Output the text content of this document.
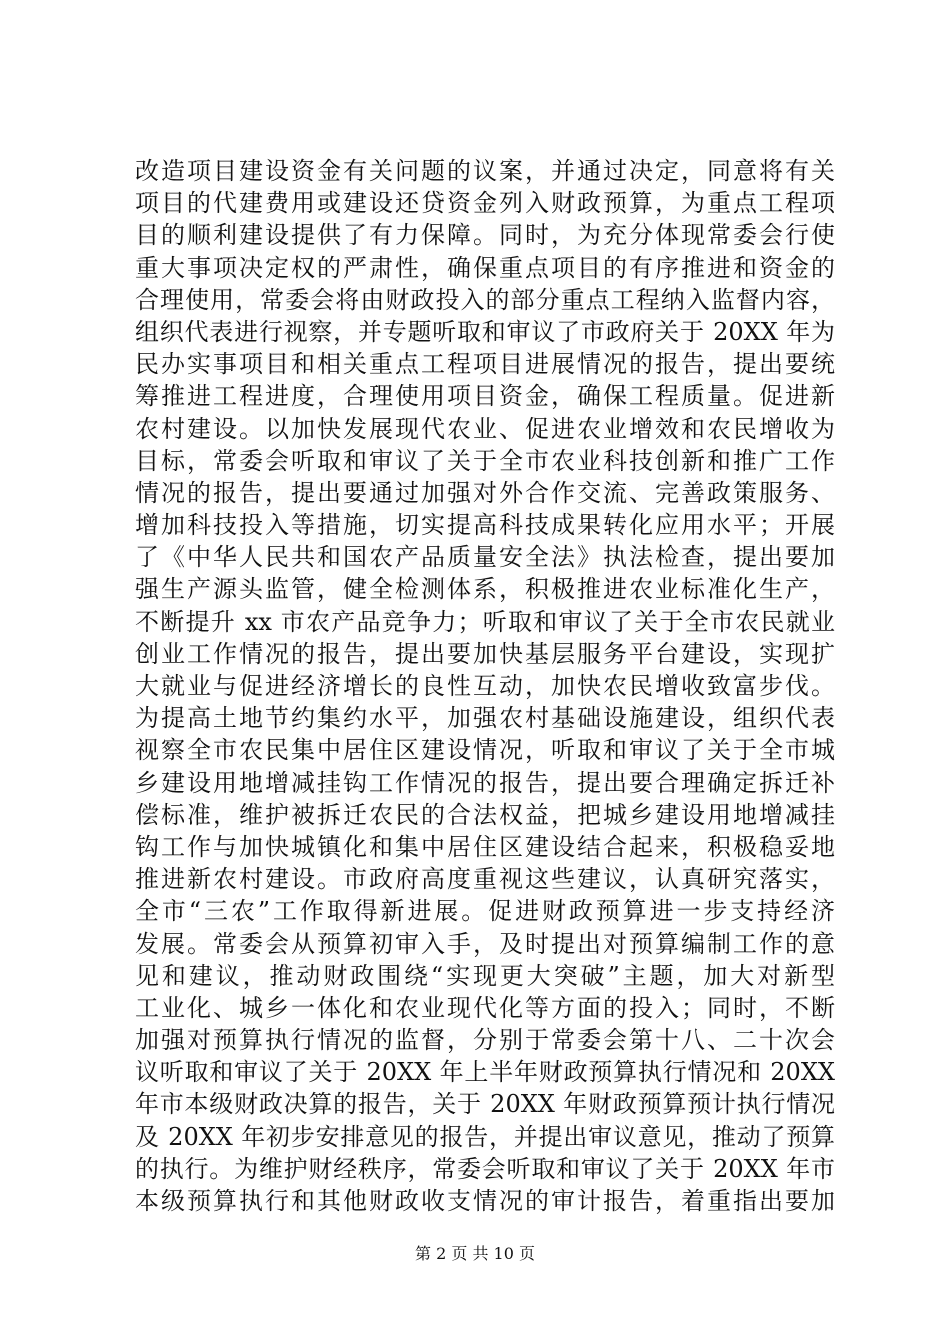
改造项目建设资金有关问题的议案，并通过决定，同意将有关
项目的代建费用或建设还贷资金列入财政预算，为重点工程项
目的顺利建设提供了有力保障。同时，为充分体现常委会行使
重大事项决定权的严肃性，确保重点项目的有序推进和资金的
合理使用，常委会将由财政投入的部分重点工程纳入监督内容，
组织代表进行视察，并专题听取和审议了市政府关于 20XX 年为
民办实事项目和相关重点工程项目进展情况的报告，提出要统
筹推进工程进度，合理使用项目资金，确保工程质量。促进新
农村建设。以加快发展现代农业、促进农业增效和农民增收为
目标，常委会听取和审议了关于全市农业科技创新和推广工作
情况的报告，提出要通过加强对外合作交流、完善政策服务、
增加科技投入等措施，切实提高科技成果转化应用水平；开展
了《中华人民共和国农产品质量安全法》执法检查，提出要加
强生产源头监管，健全检测体系，积极推进农业标准化生产，
不断提升 xx 市农产品竞争力；听取和审议了关于全市农民就业
创业工作情况的报告，提出要加快基层服务平台建设，实现扩
大就业与促进经济增长的良性互动，加快农民增收致富步伐。
为提高土地节约集约水平，加强农村基础设施建设，组织代表
视察全市农民集中居住区建设情况，听取和审议了关于全市城
乡建设用地增减挂钩工作情况的报告，提出要合理确定拆迁补
偿标准，维护被拆迁农民的合法权益，把城乡建设用地增减挂
钩工作与加快城镇化和集中居住区建设结合起来，积极稳妥地
推进新农村建设。市政府高度重视这些建议，认真研究落实，
全市“三农”工作取得新进展。促进财政预算进一步支持经济
发展。常委会从预算初审入手，及时提出对预算编制工作的意
见和建议，推动财政围绕“实现更大突破”主题，加大对新型
工业化、城乡一体化和农业现代化等方面的投入；同时，不断
加强对预算执行情况的监督，分别于常委会第十八、二十次会
议听取和审议了关于 20XX 年上半年财政预算执行情况和 20XX
年市本级财政决算的报告，关于 20XX 年财政预算预计执行情况
及 20XX 年初步安排意见的报告，并提出审议意见，推动了预算
的执行。为维护财经秩序，常委会听取和审议了关于 20XX 年市
本级预算执行和其他财政收支情况的审计报告，着重指出要加
第 2 页 共 10 页
